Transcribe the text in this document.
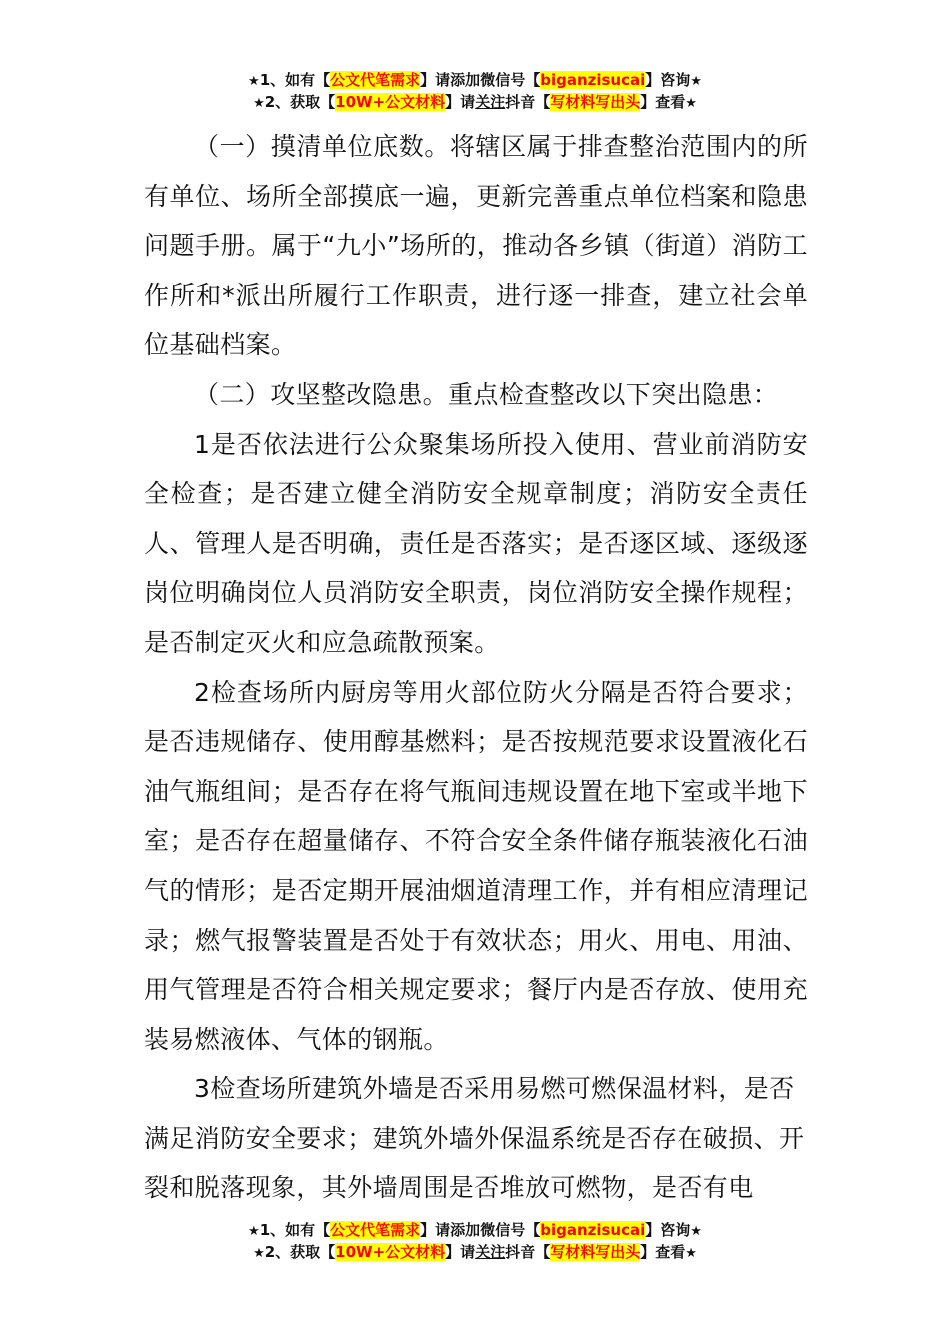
★1、如有【公文代笔需求】请添加微信号【biganzisucai】咨询★
★2、获取【10W+公文材料】请关注抖音【写材料写出头】查看★

（一）摸清单位底数。将辖区属于排查整治范围内的所有单位、场所全部摸底一遍，更新完善重点单位档案和隐患问题手册。属于“九小”场所的，推动各乡镇（街道）消防工作所和*派出所履行工作职责，进行逐一排查，建立社会单位基础档案。

（二）攻坚整改隐患。重点检查整改以下突出隐患：

1是否依法进行公众聚集场所投入使用、营业前消防安全检查；是否建立健全消防安全规章制度；消防安全责任人、管理人是否明确，责任是否落实；是否逐区域、逐级逐岗位明确岗位人员消防安全职责，岗位消防安全操作规程；是否制定灭火和应急疏散预案。

2检查场所内厨房等用火部位防火分隔是否符合要求；是否违规储存、使用醇基燃料；是否按规范要求设置液化石油气瓶组间；是否存在将气瓶间违规设置在地下室或半地下室；是否存在超量储存、不符合安全条件储存瓶装液化石油气的情形；是否定期开展油烟道清理工作，并有相应清理记录；燃气报警装置是否处于有效状态；用火、用电、用油、用气管理是否符合相关规定要求；餐厅内是否存放、使用充装易燃液体、气体的钢瓶。

3检查场所建筑外墙是否采用易燃可燃保温材料，是否满足消防安全要求；建筑外墙外保温系统是否存在破损、开裂和脱落现象，其外墙周围是否堆放可燃物，是否有电

★1、如有【公文代笔需求】请添加微信号【biganzisucai】咨询★
★2、获取【10W+公文材料】请关注抖音【写材料写出头】查看★
